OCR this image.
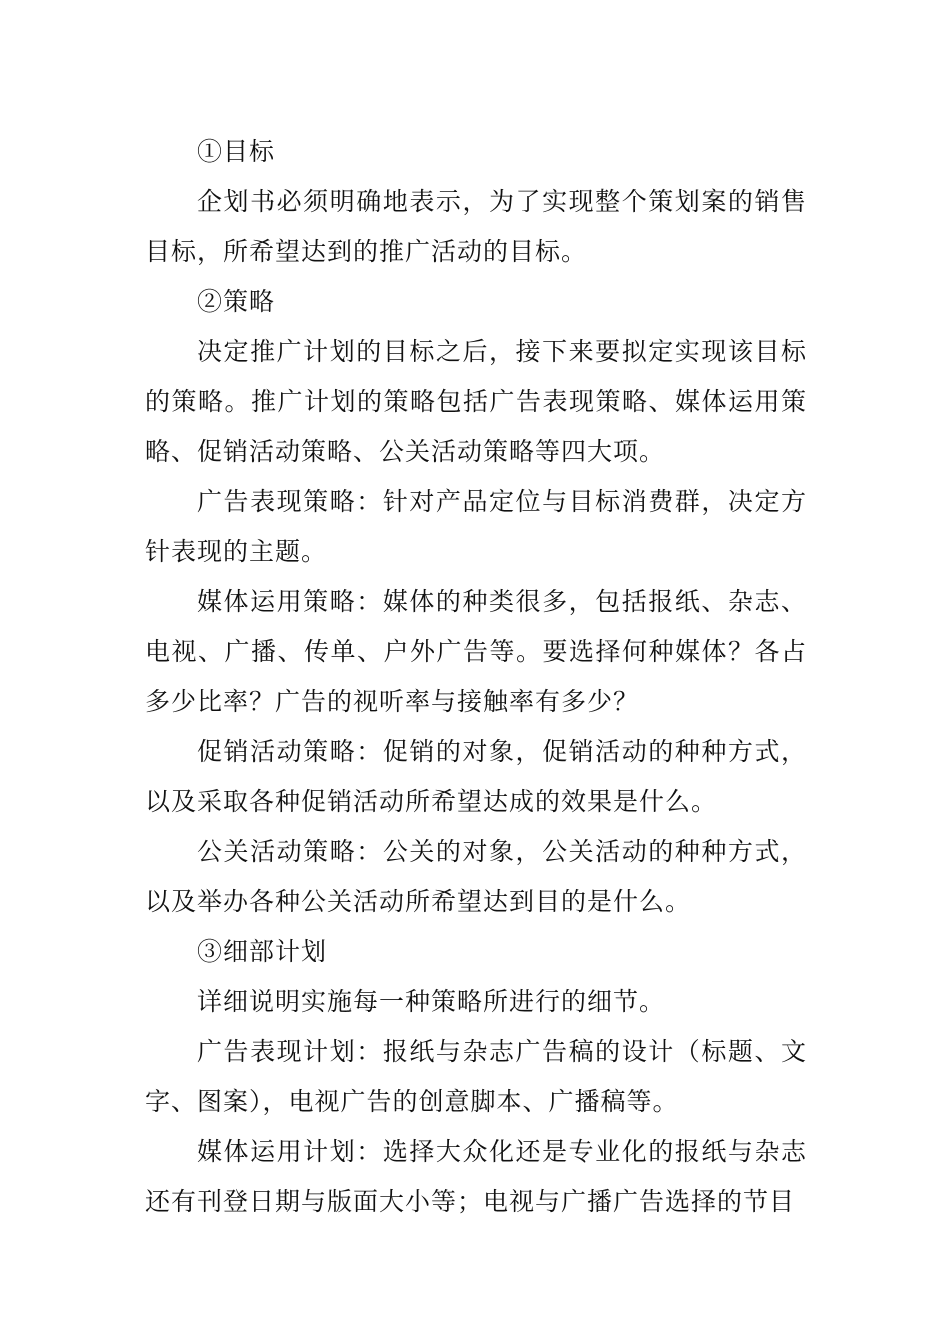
①目标

企划书必须明确地表示，为了实现整个策划案的销售目标，所希望达到的推广活动的目标。

②策略

决定推广计划的目标之后，接下来要拟定实现该目标的策略。推广计划的策略包括广告表现策略、媒体运用策略、促销活动策略、公关活动策略等四大项。

广告表现策略：针对产品定位与目标消费群，决定方针表现的主题。

媒体运用策略：媒体的种类很多，包括报纸、杂志、电视、广播、传单、户外广告等。要选择何种媒体？各占多少比率？广告的视听率与接触率有多少？

促销活动策略：促销的对象，促销活动的种种方式，以及采取各种促销活动所希望达成的效果是什么。

公关活动策略：公关的对象，公关活动的种种方式，以及举办各种公关活动所希望达到目的是什么。

③细部计划

详细说明实施每一种策略所进行的细节。

广告表现计划：报纸与杂志广告稿的设计（标题、文字、图案），电视广告的创意脚本、广播稿等。

媒体运用计划：选择大众化还是专业化的报纸与杂志还有刊登日期与版面大小等；电视与广播广告选择的节目
